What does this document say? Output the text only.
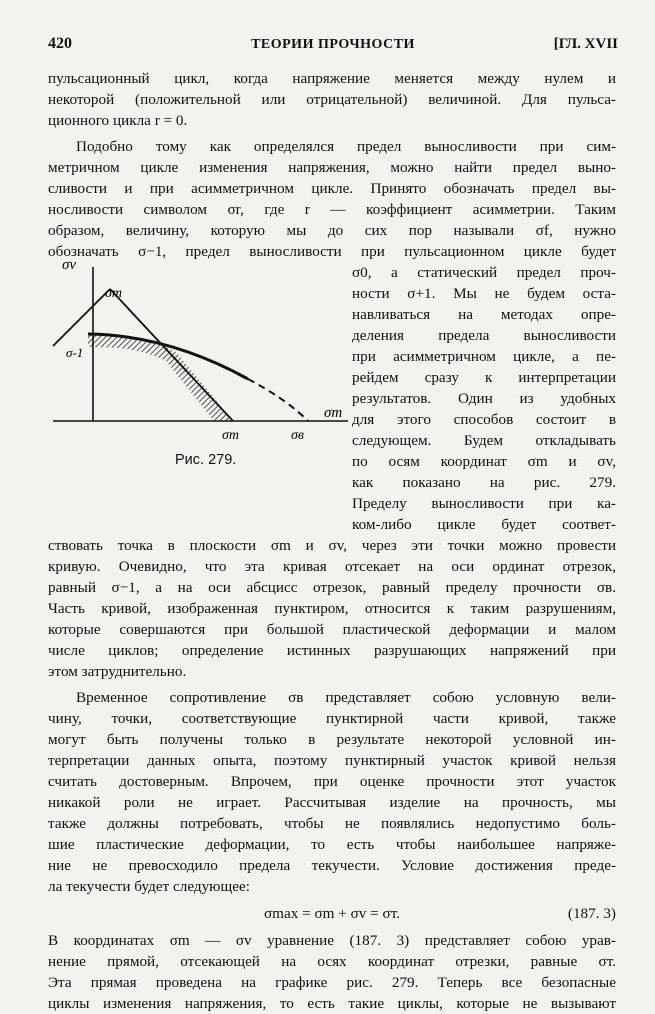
420	ТЕОРИИ ПРОЧНОСТИ	[ГЛ. XVII
пульсационный цикл, когда напряжение меняется между нулем и
некоторой (положительной или отрицательной) величиной. Для пульса-
ционного цикла r = 0.
Подобно тому как определялся предел выносливости при сим-
метричном цикле изменения напряжения, можно найти предел выно-
сливости и при асимметричном цикле. Принято обозначать предел вы-
носливости символом σr, где r — коэффициент асимметрии. Таким
образом, величину, которую мы до сих пор называли σf, нужно
обозначать σ−1, предел выносливости при пульсационном цикле будет
σ0, а статический предел проч-
ности σ+1. Мы не будем оста-
навливаться на методах опре-
деления предела выносливости
при асимметричном цикле, а пе-
рейдем сразу к интерпретации
результатов. Один из удобных
для этого способов состоит в
следующем. Будем откладывать
по осям координат σm и σv,
как показано на рис. 279.
Пределу выносливости при ка-
ком-либо цикле будет соответ-
σv
σт
σ-1
σm
σт	σв
Рис. 279.
ствовать точка в плоскости σm и σv, через эти точки можно провести
кривую. Очевидно, что эта кривая отсекает на оси ординат отрезок,
равный σ−1, а на оси абсцисс отрезок, равный пределу прочности σв.
Часть кривой, изображенная пунктиром, относится к таким разрушениям,
которые совершаются при большой пластической деформации и малом
числе циклов; определение истинных разрушающих напряжений при
этом затруднительно.
Временное сопротивление σв представляет собою условную вели-
чину, точки, соответствующие пунктирной части кривой, также
могут быть получены только в результате некоторой условной ин-
терпретации данных опыта, поэтому пунктирный участок кривой нельзя
считать достоверным. Впрочем, при оценке прочности этот участок
никакой роли не играет. Рассчитывая изделие на прочность, мы
также должны потребовать, чтобы не появлялись недопустимо боль-
шие пластические деформации, то есть чтобы наибольшее напряже-
ние не превосходило предела текучести. Условие достижения преде-
ла текучести будет следующее:
σmax = σm + σv = σт.	(187. 3)
В координатах σm — σv уравнение (187. 3) представляет собою урав-
нение прямой, отсекающей на осях координат отрезки, равные σт.
Эта прямая проведена на графике рис. 279. Теперь все безопасные
циклы изменения напряжения, то есть такие циклы, которые не вызывают
